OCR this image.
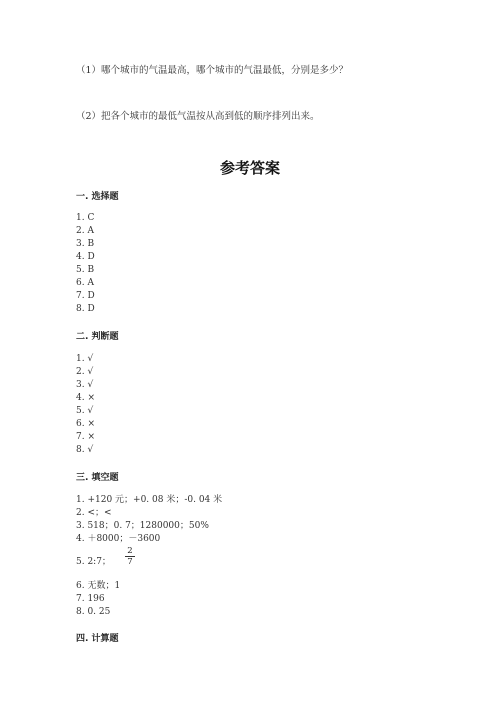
（1）哪个城市的气温最高，哪个城市的气温最低，分别是多少？
（2）把各个城市的最低气温按从高到低的顺序排列出来。
参考答案
一. 选择题
1. C
2. A
3. B
4. D
5. B
6. A
7. D
8. D
二. 判断题
1. √
2. √
3. √
4. ×
5. √
6. ×
7. ×
8. √
三. 填空题
1. +120 元；+0. 08 米；-0. 04 米
2. <；<
3. 518；0. 7；1280000；50%
4. ＋8000；－3600
5. 2:7； $\frac{2}{7}$
6. 无数；1
7. 196
8. 0. 25
四. 计算题
